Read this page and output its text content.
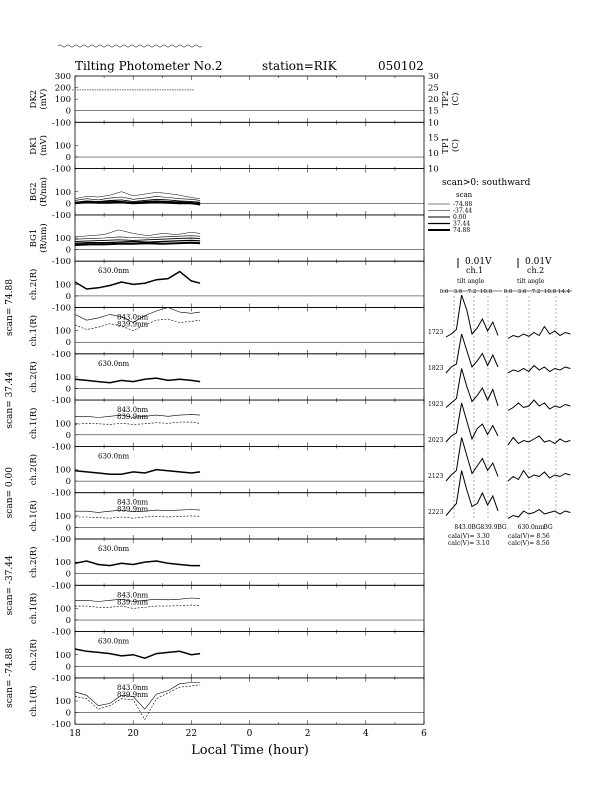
Tilting Photometer No.2	station=RIK	050102
300
200
100
0
-100
DK2 (mV)
100
0
-100
DK1 (mV)
100
0
-100
BG2 (R/nm)
100
0
-100
BG1 (R/nm)
100
0
-100
ch.2(R)	630.0nm
100
0
-100
ch.1(R)	843.0nm
839.9nm
100
0
-100
ch.2(R)	630.0nm
100
0
-100
ch.1(R)	843.0nm
839.9nm
100
0
-100
ch.2(R)	630.0nm
100
0
-100
ch.1(R)	843.0nm
839.9nm
100
0
-100
ch.2(R)	630.0nm
100
0
-100
ch.1(R)	843.0nm
839.9nm
100
0
-100
ch.2(R)	630.0nm
100
0
-100
ch.1(R)	843.0nm
839.9nm
scan= 74.88
scan= 37.44
scan= 0.00
scan= -37.44
scan= -74.88
30
25
20
15
10
15
10
TP2 (C)
TP1 (C)
10
18	20	22	0	2	4	6
Local Time (hour)
scan>0: southward
scan
-74.88
-37.44
0.00
37.44
74.88
0.01V
ch.1
0.01V
ch.2
tilt angle	tilt angle
0.0 3.6 7.2 10.8 0.0 3.6 7.2 10.8 14.4
1723
1823
1923
2023
2123
2223
843.0 BG 839.9 BG 630.0nm
BG
cala(V)= 3.30
calc(V)= 3.10
cala(V)= 8.56
calc(V)= 8.56
